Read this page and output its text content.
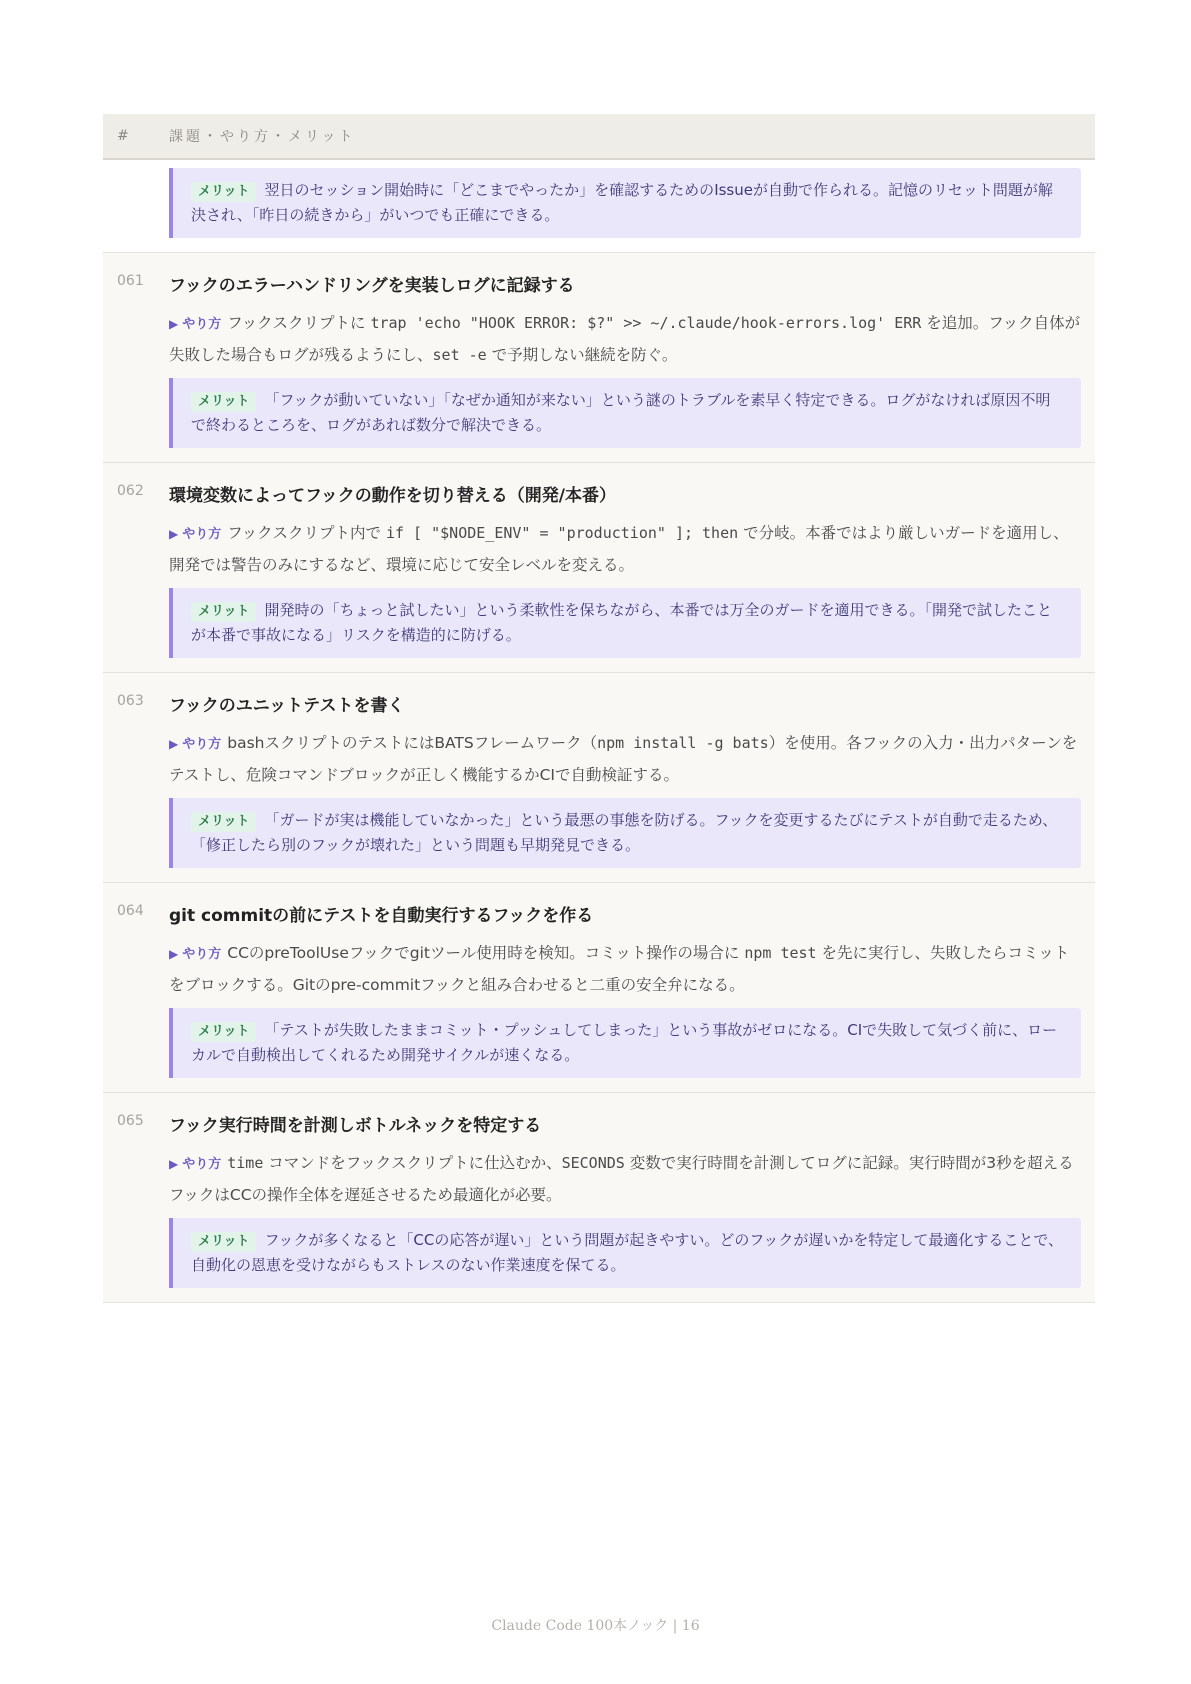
#	課題・やり方・メリット
メリット 翌日のセッション開始時に「どこまでやったか」を確認するためのIssueが自動で作られる。記憶のリセット問題が解決され、「昨日の続きから」がいつでも正確にできる。
061	フックのエラーハンドリングを実装しログに記録する
▶ やり方 フックスクリプトに trap 'echo "HOOK ERROR: $?" >> ~/.claude/hook-errors.log' ERR を追加。フック自体が失敗した場合もログが残るようにし、set -e で予期しない継続を防ぐ。
メリット 「フックが動いていない」「なぜか通知が来ない」という謎のトラブルを素早く特定できる。ログがなければ原因不明で終わるところを、ログがあれば数分で解決できる。
062	環境変数によってフックの動作を切り替える（開発/本番）
▶ やり方 フックスクリプト内で if [ "$NODE_ENV" = "production" ]; then で分岐。本番ではより厳しいガードを適用し、開発では警告のみにするなど、環境に応じて安全レベルを変える。
メリット 開発時の「ちょっと試したい」という柔軟性を保ちながら、本番では万全のガードを適用できる。「開発で試したことが本番で事故になる」リスクを構造的に防げる。
063	フックのユニットテストを書く
▶ やり方 bashスクリプトのテストにはBATSフレームワーク（npm install -g bats）を使用。各フックの入力・出力パターンをテストし、危険コマンドブロックが正しく機能するかCIで自動検証する。
メリット 「ガードが実は機能していなかった」という最悪の事態を防げる。フックを変更するたびにテストが自動で走るため、「修正したら別のフックが壊れた」という問題も早期発見できる。
064	git commitの前にテストを自動実行するフックを作る
▶ やり方 CCのpreToolUseフックでgitツール使用時を検知。コミット操作の場合に npm test を先に実行し、失敗したらコミットをブロックする。Gitのpre-commitフックと組み合わせると二重の安全弁になる。
メリット 「テストが失敗したままコミット・プッシュしてしまった」という事故がゼロになる。CIで失敗して気づく前に、ローカルで自動検出してくれるため開発サイクルが速くなる。
065	フック実行時間を計測しボトルネックを特定する
▶ やり方 time コマンドをフックスクリプトに仕込むか、SECONDS 変数で実行時間を計測してログに記録。実行時間が3秒を超えるフックはCCの操作全体を遅延させるため最適化が必要。
メリット フックが多くなると「CCの応答が遅い」という問題が起きやすい。どのフックが遅いかを特定して最適化することで、自動化の恩恵を受けながらもストレスのない作業速度を保てる。
Claude Code 100本ノック | 16
